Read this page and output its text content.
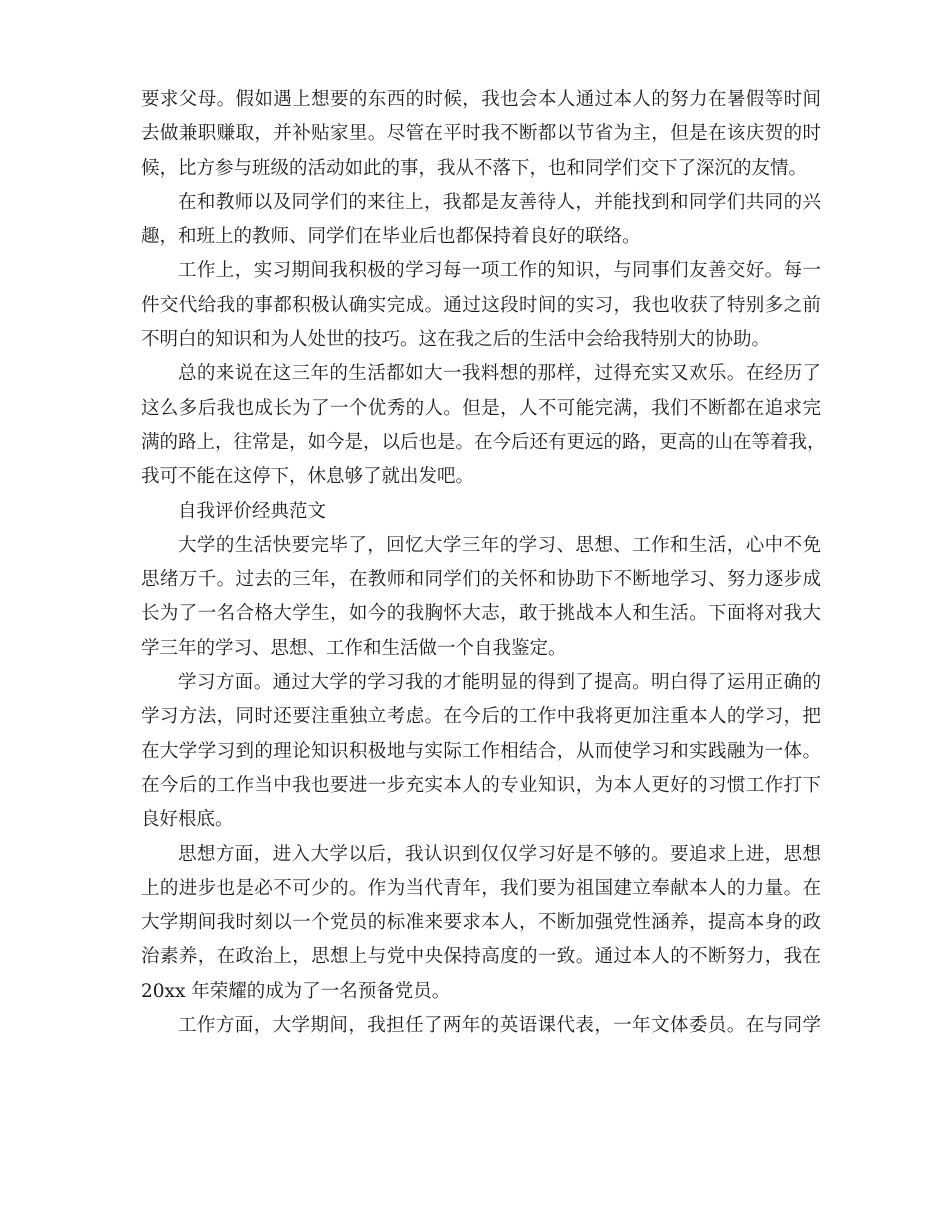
要求父母。假如遇上想要的东西的时候，我也会本人通过本人的努力在暑假等时间
去做兼职赚取，并补贴家里。尽管在平时我不断都以节省为主，但是在该庆贺的时
候，比方参与班级的活动如此的事，我从不落下，也和同学们交下了深沉的友情。
在和教师以及同学们的来往上，我都是友善待人，并能找到和同学们共同的兴
趣，和班上的教师、同学们在毕业后也都保持着良好的联络。
工作上，实习期间我积极的学习每一项工作的知识，与同事们友善交好。每一
件交代给我的事都积极认确实完成。通过这段时间的实习，我也收获了特别多之前
不明白的知识和为人处世的技巧。这在我之后的生活中会给我特别大的协助。
总的来说在这三年的生活都如大一我料想的那样，过得充实又欢乐。在经历了
这么多后我也成长为了一个优秀的人。但是，人不可能完满，我们不断都在追求完
满的路上，往常是，如今是，以后也是。在今后还有更远的路，更高的山在等着我，
我可不能在这停下，休息够了就出发吧。
自我评价经典范文
大学的生活快要完毕了，回忆大学三年的学习、思想、工作和生活，心中不免
思绪万千。过去的三年，在教师和同学们的关怀和协助下不断地学习、努力逐步成
长为了一名合格大学生，如今的我胸怀大志，敢于挑战本人和生活。下面将对我大
学三年的学习、思想、工作和生活做一个自我鉴定。
学习方面。通过大学的学习我的才能明显的得到了提高。明白得了运用正确的
学习方法，同时还要注重独立考虑。在今后的工作中我将更加注重本人的学习，把
在大学学习到的理论知识积极地与实际工作相结合，从而使学习和实践融为一体。
在今后的工作当中我也要进一步充实本人的专业知识，为本人更好的习惯工作打下
良好根底。
思想方面，进入大学以后，我认识到仅仅学习好是不够的。要追求上进，思想
上的进步也是必不可少的。作为当代青年，我们要为祖国建立奉献本人的力量。在
大学期间我时刻以一个党员的标准来要求本人，不断加强党性涵养，提高本身的政
治素养，在政治上，思想上与党中央保持高度的一致。通过本人的不断努力，我在
20xx 年荣耀的成为了一名预备党员。
工作方面，大学期间，我担任了两年的英语课代表，一年文体委员。在与同学
